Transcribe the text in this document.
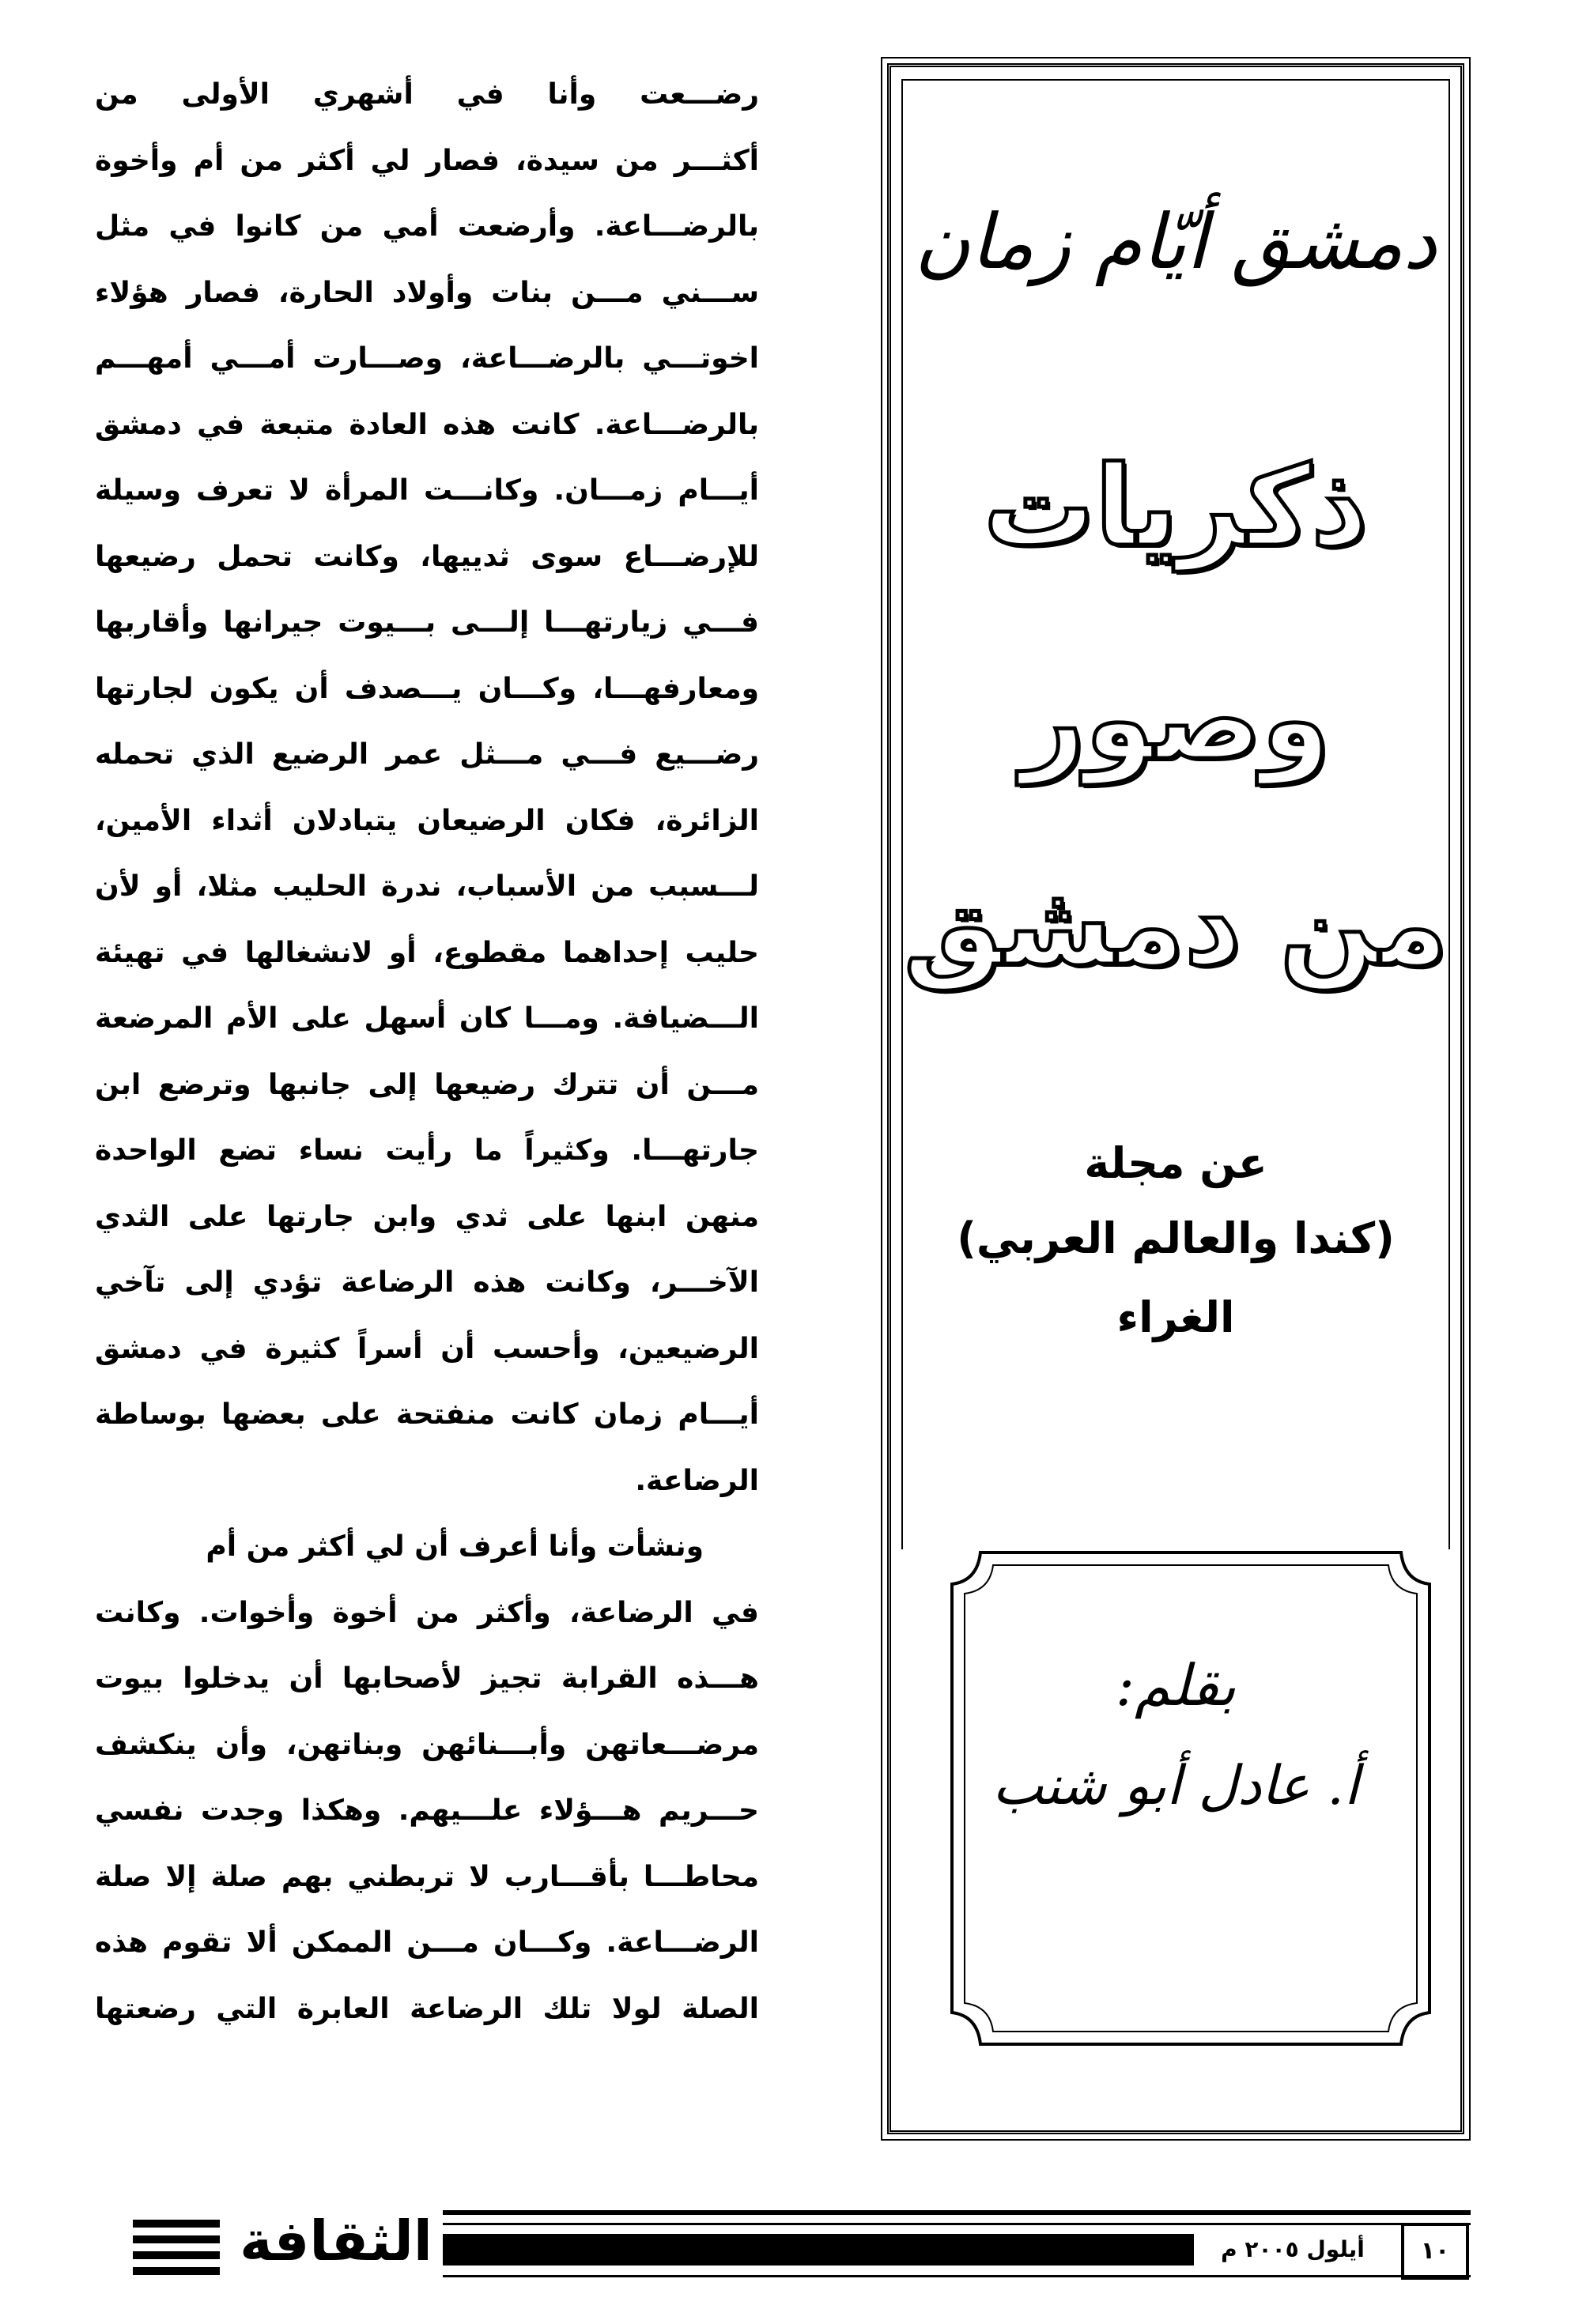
رضـــعت وأنا في أشهري الأولى من
أكثـــر من سيدة، فصار لي أكثر من أم وأخوة
بالرضـــاعة. وأرضعت أمي من كانوا في مثل
ســـني مـــن بنات وأولاد الحارة، فصار هؤلاء
اخوتـــي بالرضـــاعة، وصـــارت أمـــي أمهـــم
بالرضـــاعة. كانت هذه العادة متبعة في دمشق
أيـــام زمـــان. وكانـــت المرأة لا تعرف وسيلة
للإرضـــاع سوى ثدييها، وكانت تحمل رضيعها
فـــي زيارتهـــا إلـــى بـــيوت جيرانها وأقاربها
ومعارفهـــا، وكـــان يـــصدف أن يكون لجارتها
رضـــيع فـــي مـــثل عمر الرضيع الذي تحمله
الزائرة، فكان الرضيعان يتبادلان أثداء الأمين،
لـــسبب من الأسباب، ندرة الحليب مثلا، أو لأن
حليب إحداهما مقطوع، أو لانشغالها في تهيئة
الـــضيافة. ومـــا كان أسهل على الأم المرضعة
مـــن أن تترك رضيعها إلى جانبها وترضع ابن
جارتهـــا. وكثيراً ما رأيت نساء تضع الواحدة
منهن ابنها على ثدي وابن جارتها على الثدي
الآخـــر، وكانت هذه الرضاعة تؤدي إلى تآخي
الرضيعين، وأحسب أن أسراً كثيرة في دمشق
أيـــام زمان كانت منفتحة على بعضها بوساطة
الرضاعة.
ونشأت وأنا أعرف أن لي أكثر من أم
في الرضاعة، وأكثر من أخوة وأخوات. وكانت
هـــذه القرابة تجيز لأصحابها أن يدخلوا بيوت
مرضـــعاتهن وأبـــنائهن وبناتهن، وأن ينكشف
حـــريم هـــؤلاء علـــيهم. وهكذا وجدت نفسي
محاطـــا بأقـــارب لا تربطني بهم صلة إلا صلة
الرضـــاعة. وكـــان مـــن الممكن ألا تقوم هذه
الصلة لولا تلك الرضاعة العابرة التي رضعتها
دمشق أيّام زمان
ذكريات
وصور
من دمشق
عن مجلة
(كندا والعالم العربي)
الغراء
بقلم:
أ. عادل أبو شنب
الثقافة	أيلول ٢٠٠٥ م	١٠
